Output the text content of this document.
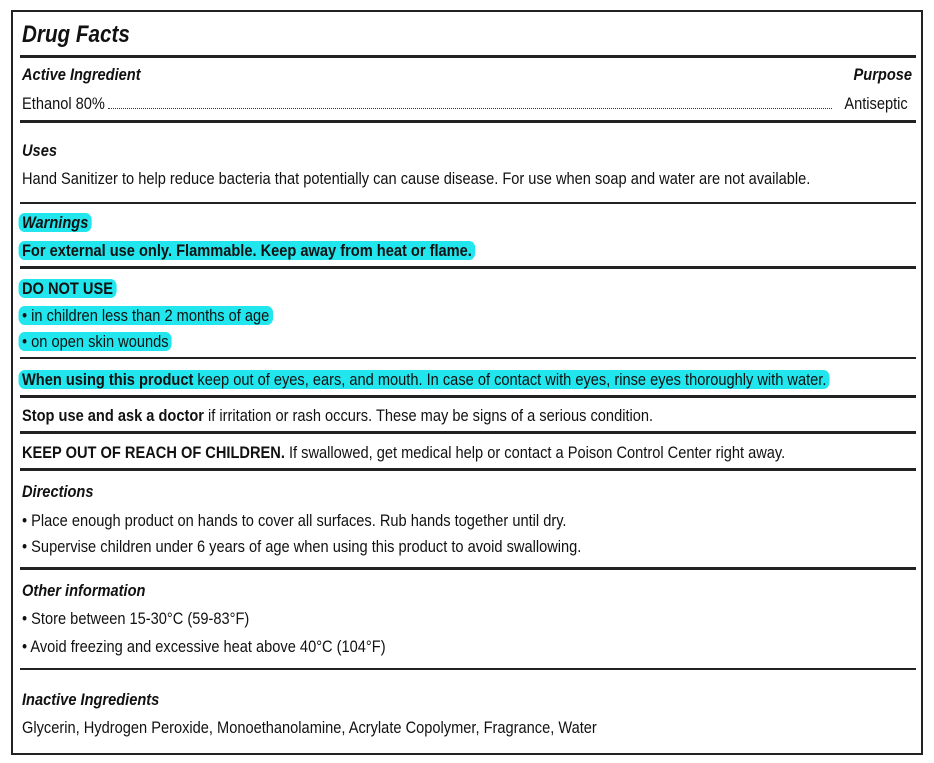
Drug Facts
Active Ingredient	Purpose
Ethanol 80%	Antiseptic
Uses
Hand Sanitizer to help reduce bacteria that potentially can cause disease. For use when soap and water are not available.
Warnings
For external use only. Flammable. Keep away from heat or flame.
DO NOT USE
• in children less than 2 months of age
• on open skin wounds
When using this product keep out of eyes, ears, and mouth. In case of contact with eyes, rinse eyes thoroughly with water.
Stop use and ask a doctor if irritation or rash occurs. These may be signs of a serious condition.
KEEP OUT OF REACH OF CHILDREN. If swallowed, get medical help or contact a Poison Control Center right away.
Directions
• Place enough product on hands to cover all surfaces. Rub hands together until dry.
• Supervise children under 6 years of age when using this product to avoid swallowing.
Other information
• Store between 15-30°C (59-83°F)
• Avoid freezing and excessive heat above 40°C (104°F)
Inactive Ingredients
Glycerin, Hydrogen Peroxide, Monoethanolamine, Acrylate Copolymer, Fragrance, Water
